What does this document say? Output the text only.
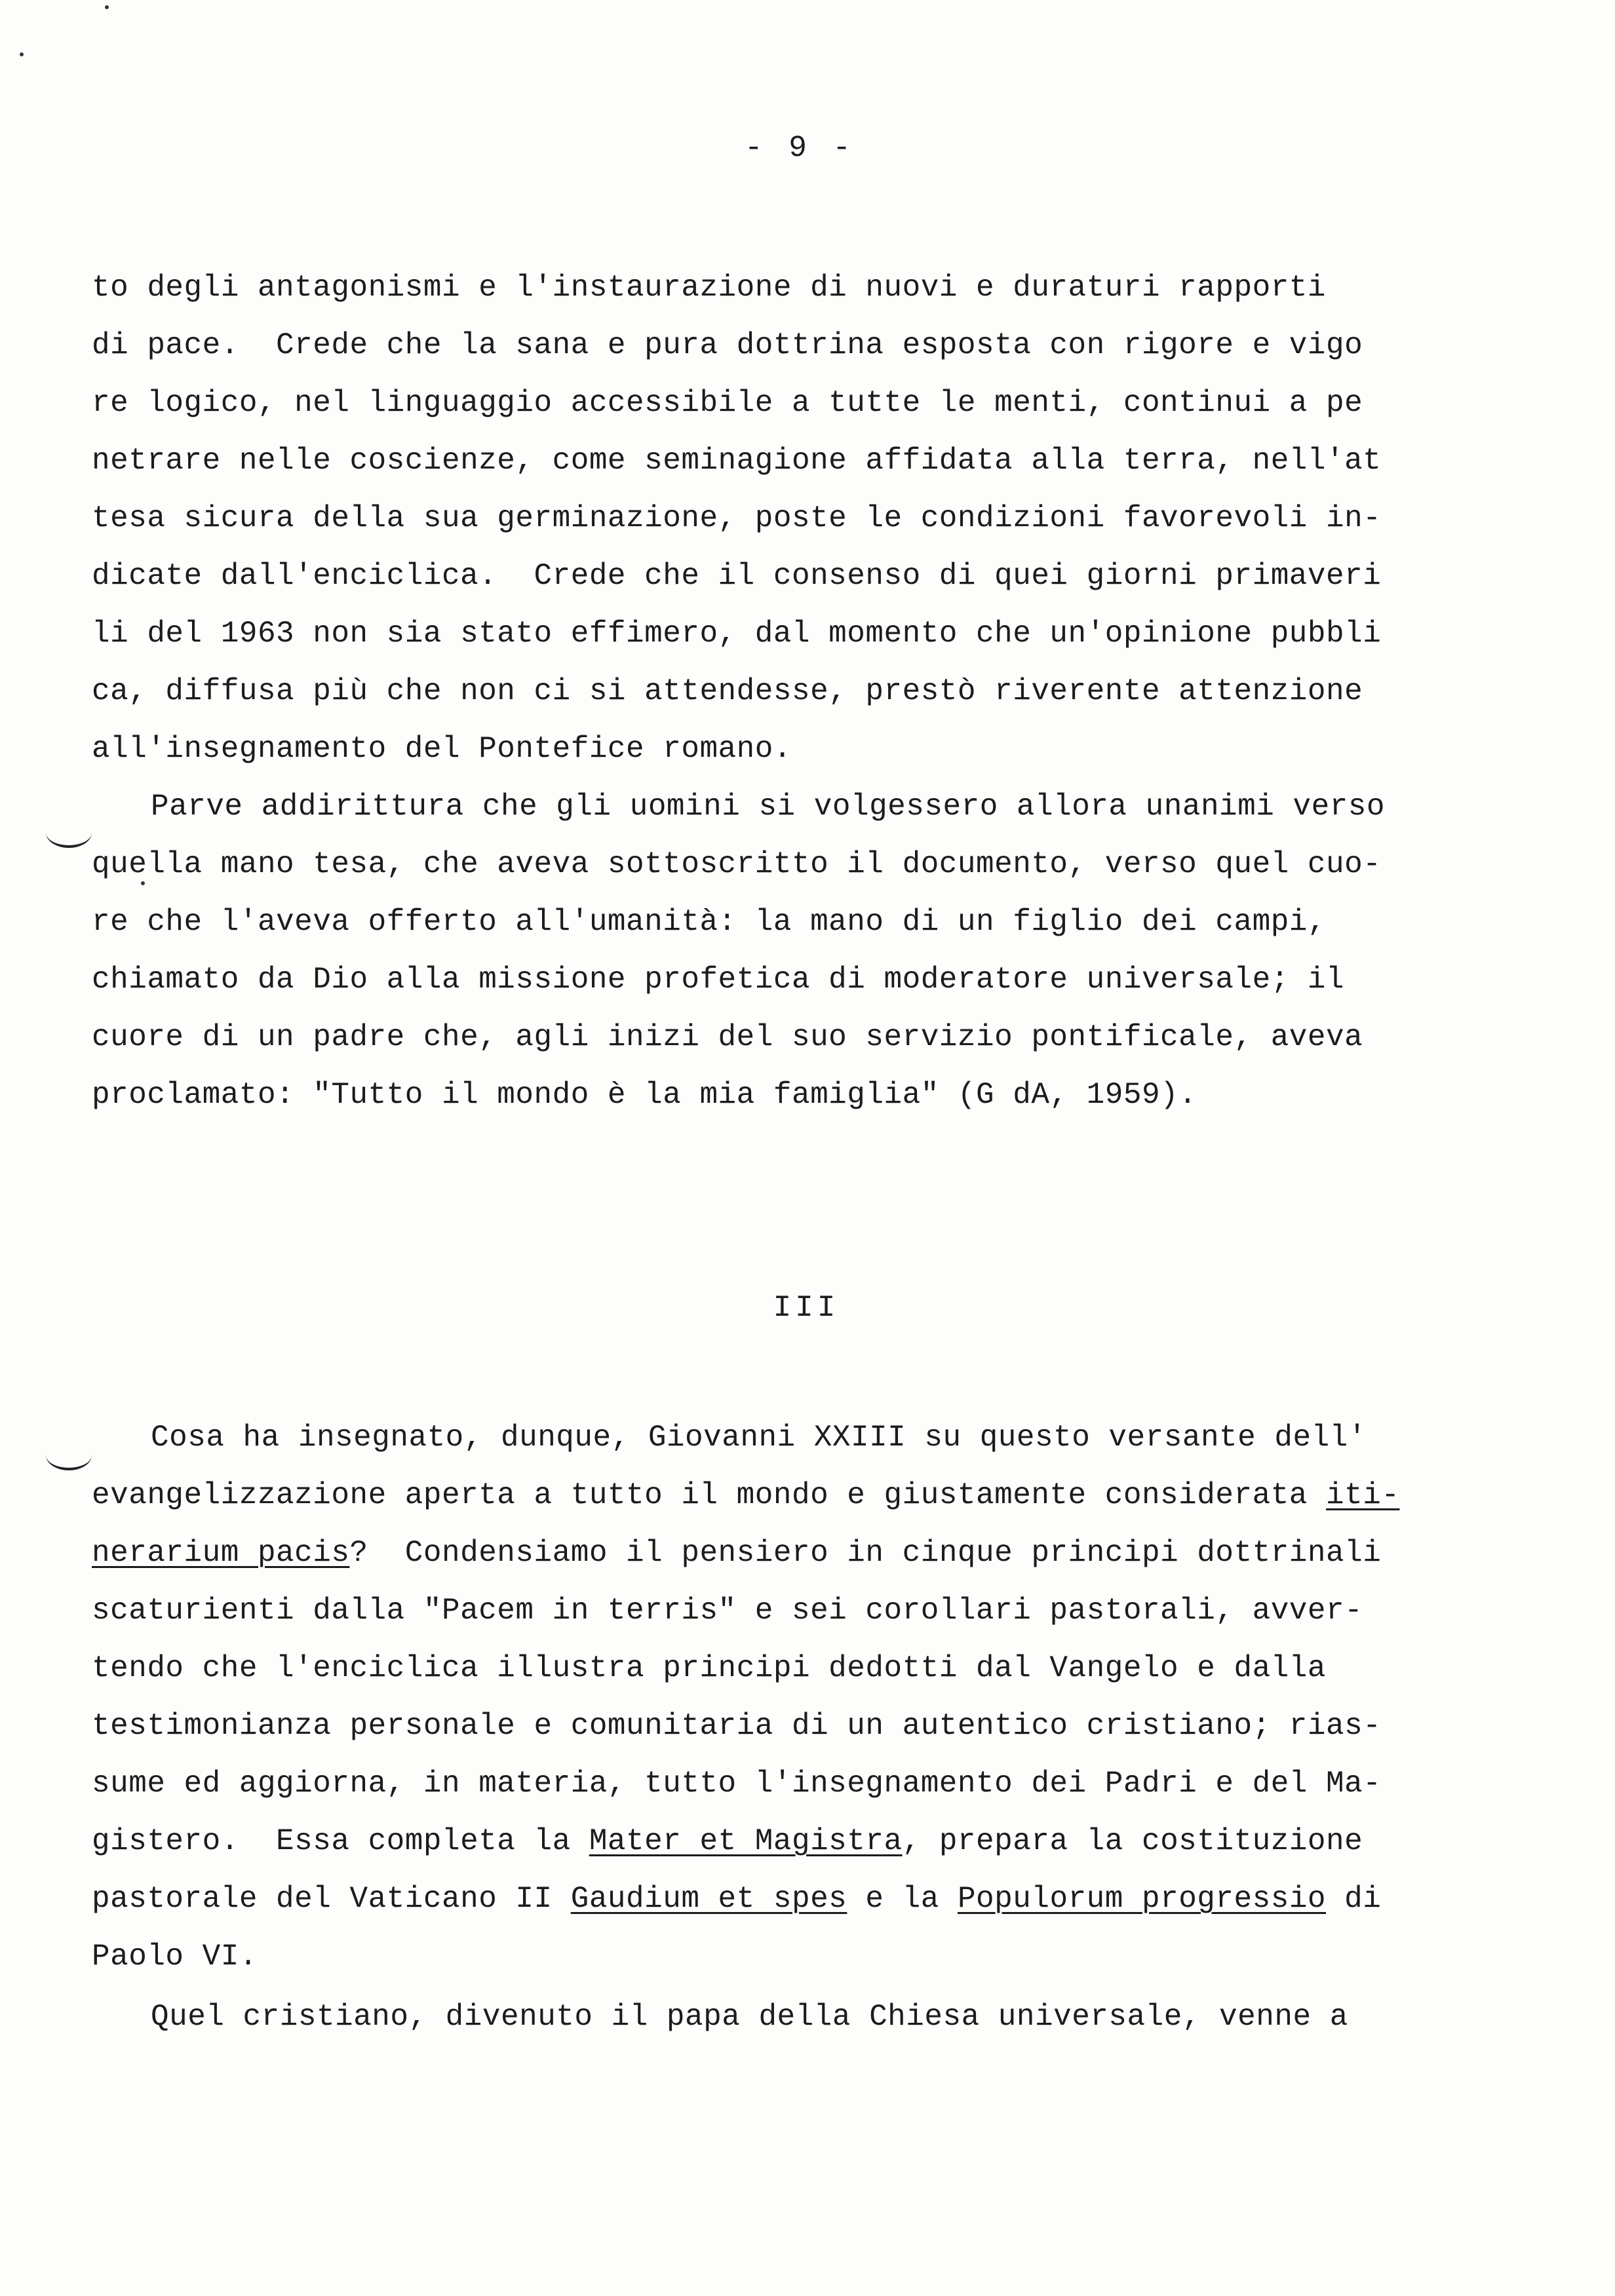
- 9 -
to degli antagonismi e l'instaurazione di nuovi e duraturi rapporti
di pace.  Crede che la sana e pura dottrina esposta con rigore e vigo
re logico, nel linguaggio accessibile a tutte le menti, continui a pe
netrare nelle coscienze, come seminagione affidata alla terra, nell'at
tesa sicura della sua germinazione, poste le condizioni favorevoli in-
dicate dall'enciclica.  Crede che il consenso di quei giorni primaveri
li del 1963 non sia stato effimero, dal momento che un'opinione pubbli
ca, diffusa più che non ci si attendesse, prestò riverente attenzione
all'insegnamento del Pontefice romano.
Parve addirittura che gli uomini si volgessero allora unanimi verso
quella mano tesa, che aveva sottoscritto il documento, verso quel cuo-
re che l'aveva offerto all'umanità: la mano di un figlio dei campi,
chiamato da Dio alla missione profetica di moderatore universale; il
cuore di un padre che, agli inizi del suo servizio pontificale, aveva
proclamato: "Tutto il mondo è la mia famiglia" (G dA, 1959).
III
Cosa ha insegnato, dunque, Giovanni XXIII su questo versante dell'
evangelizzazione aperta a tutto il mondo e giustamente considerata iti-
nerarium pacis?  Condensiamo il pensiero in cinque principi dottrinali
scaturienti dalla "Pacem in terris" e sei corollari pastorali, avver-
tendo che l'enciclica illustra principi dedotti dal Vangelo e dalla
testimonianza personale e comunitaria di un autentico cristiano; rias-
sume ed aggiorna, in materia, tutto l'insegnamento dei Padri e del Ma-
gistero.  Essa completa la Mater et Magistra, prepara la costituzione
pastorale del Vaticano II Gaudium et spes e la Populorum progressio di
Paolo VI.
Quel cristiano, divenuto il papa della Chiesa universale, venne a
